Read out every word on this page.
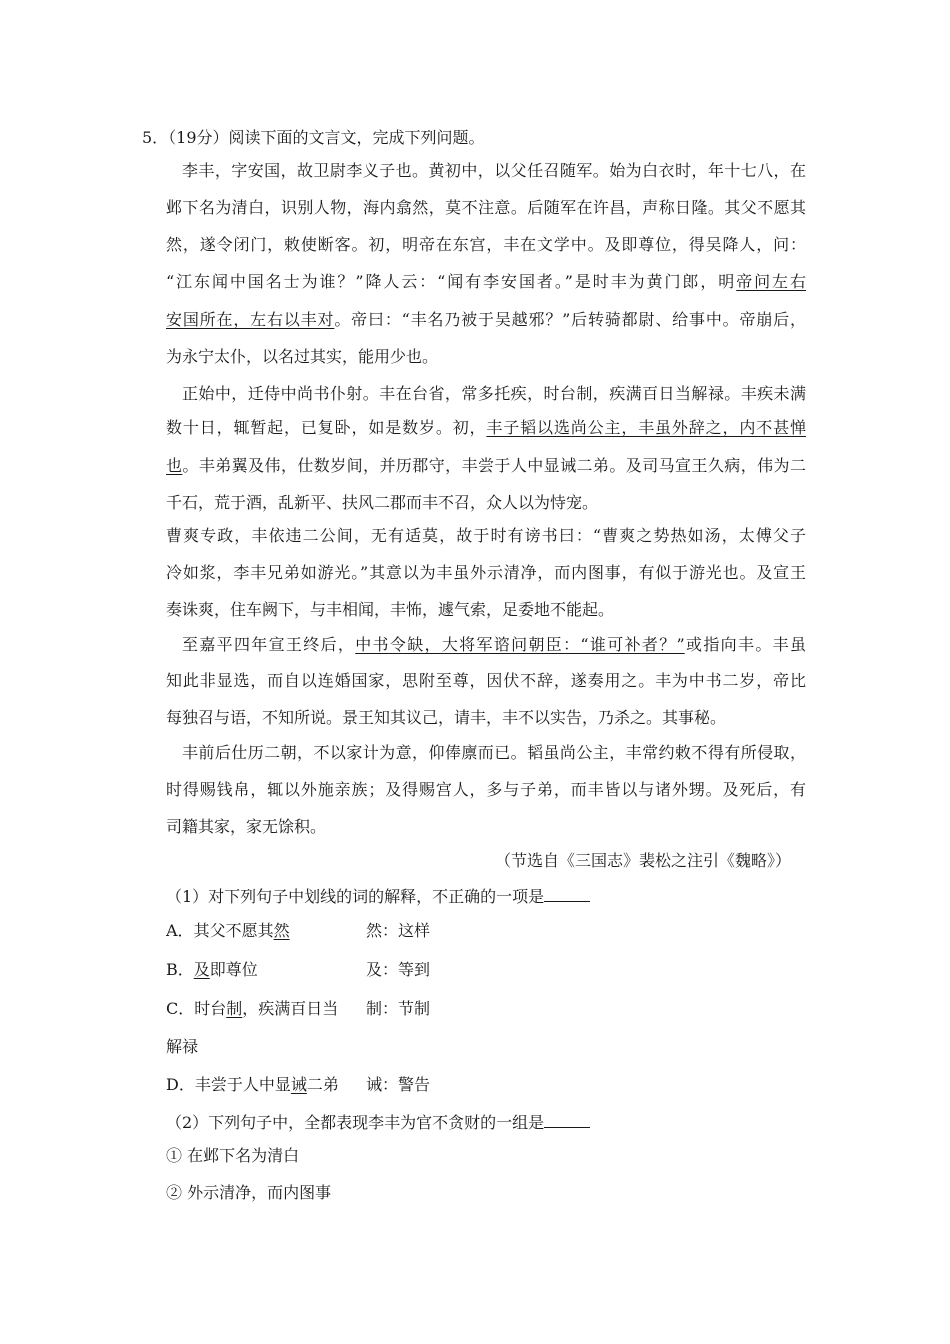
5．（19分）阅读下面的文言文，完成下列问题。
李丰，字安国，故卫尉李义子也。黄初中，以父任召随军。始为白衣时，年十七八，在
邺下名为清白，识别人物，海内翕然，莫不注意。后随军在许昌，声称日隆。其父不愿其
然，遂令闭门，敕使断客。初，明帝在东宫，丰在文学中。及即尊位，得吴降人，问：
“江东闻中国名士为谁？”降人云：“闻有李安国者。”是时丰为黄门郎，明帝问左右
安国所在，左右以丰对。帝曰：“丰名乃被于吴越邪？”后转骑都尉、给事中。帝崩后，
为永宁太仆，以名过其实，能用少也。
正始中，迁侍中尚书仆射。丰在台省，常多托疾，时台制，疾满百日当解禄。丰疾未满
数十日，辄暂起，已复卧，如是数岁。初，丰子韬以选尚公主，丰虽外辞之，内不甚惮
也。丰弟翼及伟，仕数岁间，并历郡守，丰尝于人中显诫二弟。及司马宣王久病，伟为二
千石，荒于酒，乱新平、扶风二郡而丰不召，众人以为恃宠。
曹爽专政，丰依违二公间，无有适莫，故于时有谤书曰：“曹爽之势热如汤，太傅父子
冷如浆，李丰兄弟如游光。”其意以为丰虽外示清净，而内图事，有似于游光也。及宣王
奏诛爽，住车阙下，与丰相闻，丰怖，遽气索，足委地不能起。
至嘉平四年宣王终后，中书令缺，大将军谘问朝臣：“谁可补者？”或指向丰。丰虽
知此非显选，而自以连婚国家，思附至尊，因伏不辞，遂奏用之。丰为中书二岁，帝比
每独召与语，不知所说。景王知其议己，请丰，丰不以实告，乃杀之。其事秘。
丰前后仕历二朝，不以家计为意，仰俸廪而已。韬虽尚公主，丰常约敕不得有所侵取，
时得赐钱帛，辄以外施亲族；及得赐宫人，多与子弟，而丰皆以与诸外甥。及死后，有
司籍其家，家无馀积。
（节选自《三国志》裴松之注引《魏略》）
（1）对下列句子中划线的词的解释，不正确的一项是
A．其父不愿其然	然：这样
B．及即尊位	及：等到
C．时台制，疾满百日当 制：节制
解禄
D．丰尝于人中显诫二弟 诫：警告
（2）下列句子中，全都表现李丰为官不贪财的一组是
① 在邺下名为清白
② 外示清净，而内图事
